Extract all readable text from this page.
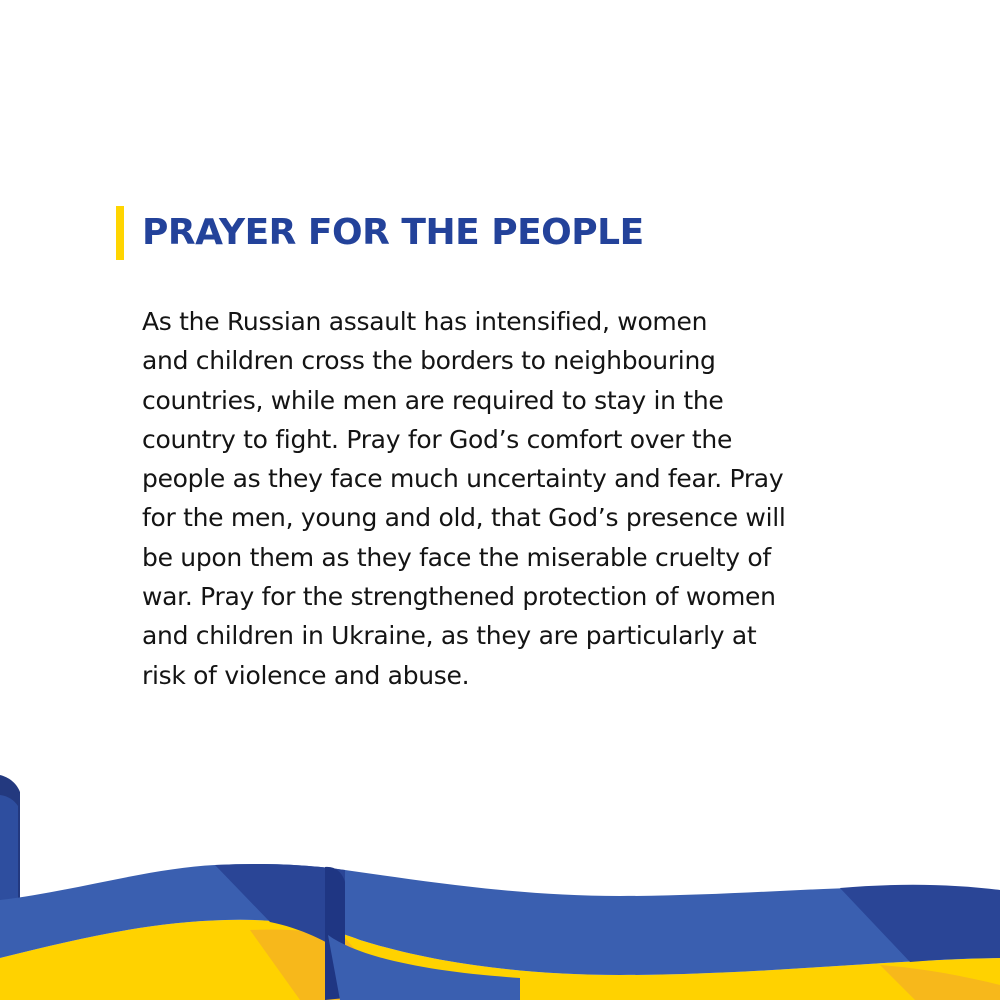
PRAYER FOR THE PEOPLE

As the Russian assault has intensified, women
and children cross the borders to neighbouring
countries, while men are required to stay in the
country to fight. Pray for God’s comfort over the
people as they face much uncertainty and fear. Pray
for the men, young and old, that God’s presence will
be upon them as they face the miserable cruelty of
war. Pray for the strengthened protection of women
and children in Ukraine, as they are particularly at
risk of violence and abuse.
